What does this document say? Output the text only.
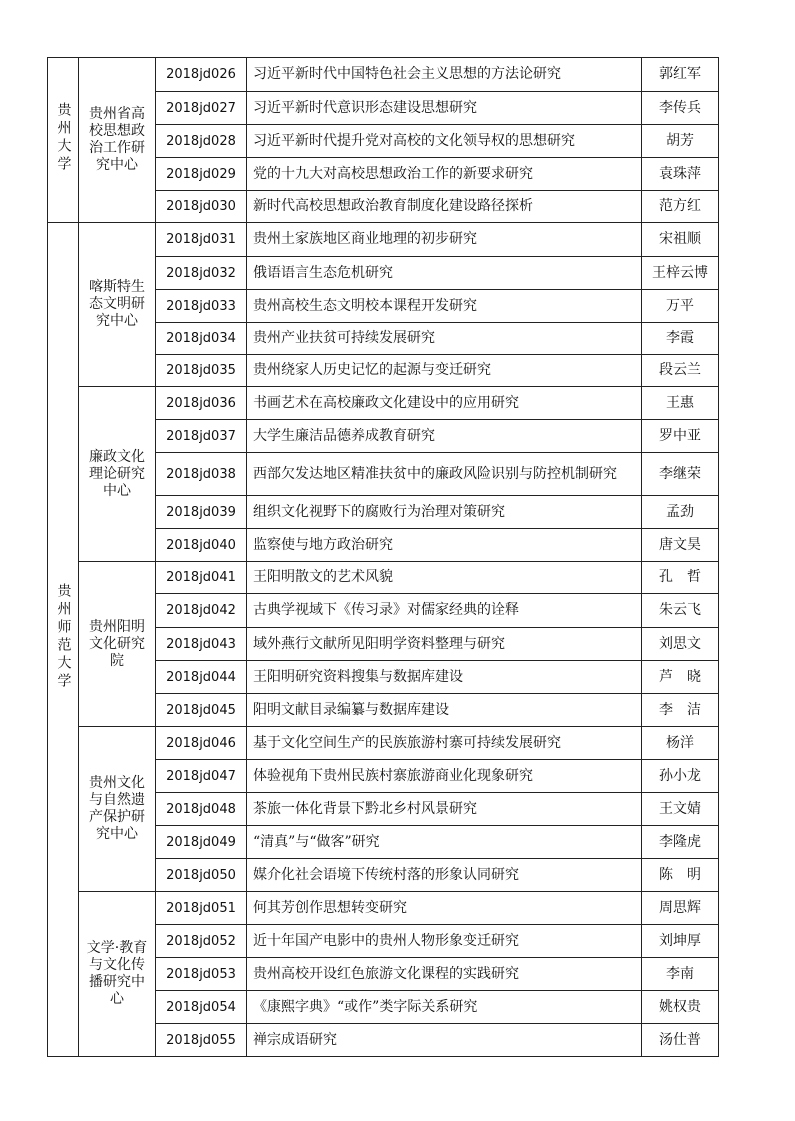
贵州大学	贵州省高校思想政治工作研究中心	2018jd026	习近平新时代中国特色社会主义思想的方法论研究	郭红军
		2018jd027	习近平新时代意识形态建设思想研究	李传兵
		2018jd028	习近平新时代提升党对高校的文化领导权的思想研究	胡芳
		2018jd029	党的十九大对高校思想政治工作的新要求研究	袁珠萍
		2018jd030	新时代高校思想政治教育制度化建设路径探析	范方红
贵州师范大学	喀斯特生态文明研究中心	2018jd031	贵州土家族地区商业地理的初步研究	宋祖顺
		2018jd032	俄语语言生态危机研究	王梓云博
		2018jd033	贵州高校生态文明校本课程开发研究	万平
		2018jd034	贵州产业扶贫可持续发展研究	李霞
		2018jd035	贵州绕家人历史记忆的起源与变迁研究	段云兰
	廉政文化理论研究中心	2018jd036	书画艺术在高校廉政文化建设中的应用研究	王惠
		2018jd037	大学生廉洁品德养成教育研究	罗中亚
		2018jd038	西部欠发达地区精准扶贫中的廉政风险识别与防控机制研究	李继荣
		2018jd039	组织文化视野下的腐败行为治理对策研究	孟劲
		2018jd040	监察使与地方政治研究	唐文昊
	贵州阳明文化研究院	2018jd041	王阳明散文的艺术风貌	孔　哲
		2018jd042	古典学视域下《传习录》对儒家经典的诠释	朱云飞
		2018jd043	域外燕行文献所见阳明学资料整理与研究	刘思文
		2018jd044	王阳明研究资料搜集与数据库建设	芦　晓
		2018jd045	阳明文献目录编纂与数据库建设	李　洁
	贵州文化与自然遗产保护研究中心	2018jd046	基于文化空间生产的民族旅游村寨可持续发展研究	杨洋
		2018jd047	体验视角下贵州民族村寨旅游商业化现象研究	孙小龙
		2018jd048	茶旅一体化背景下黔北乡村风景研究	王文婧
		2018jd049	“清真”与“做客”研究	李隆虎
		2018jd050	媒介化社会语境下传统村落的形象认同研究	陈　明
	文学·教育与文化传播研究中心	2018jd051	何其芳创作思想转变研究	周思辉
		2018jd052	近十年国产电影中的贵州人物形象变迁研究	刘坤厚
		2018jd053	贵州高校开设红色旅游文化课程的实践研究	李南
		2018jd054	《康熙字典》“或作”类字际关系研究	姚权贵
		2018jd055	禅宗成语研究	汤仕普
